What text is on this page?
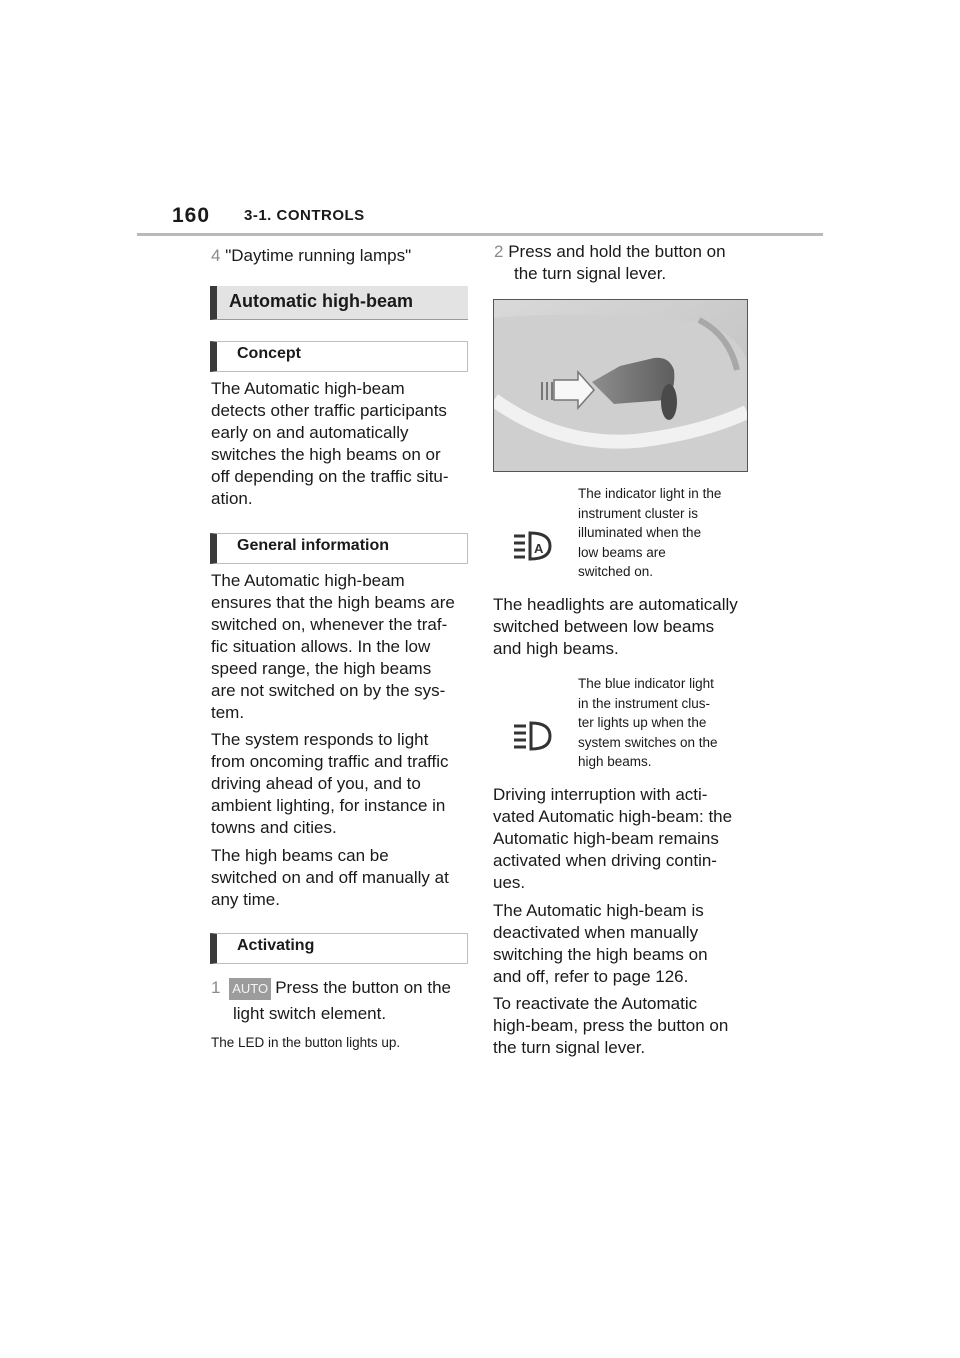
160 3-1. CONTROLS
4 "Daytime running lamps"
Automatic high-beam
Concept
The Automatic high-beam
detects other traffic participants
early on and automatically
switches the high beams on or
off depending on the traffic situ-
ation.
General information
The Automatic high-beam
ensures that the high beams are
switched on, whenever the traf-
fic situation allows. In the low
speed range, the high beams
are not switched on by the sys-
tem.
The system responds to light
from oncoming traffic and traffic
driving ahead of you, and to
ambient lighting, for instance in
towns and cities.
The high beams can be
switched on and off manually at
any time.
Activating
1 AUTO Press the button on the
light switch element.
The LED in the button lights up.
2 Press and hold the button on
the turn signal lever.
A
The indicator light in the
instrument cluster is
illuminated when the
low beams are
switched on.
The headlights are automatically
switched between low beams
and high beams.
The blue indicator light
in the instrument clus-
ter lights up when the
system switches on the
high beams.
Driving interruption with acti-
vated Automatic high-beam: the
Automatic high-beam remains
activated when driving contin-
ues.
The Automatic high-beam is
deactivated when manually
switching the high beams on
and off, refer to page 126.
To reactivate the Automatic
high-beam, press the button on
the turn signal lever.
